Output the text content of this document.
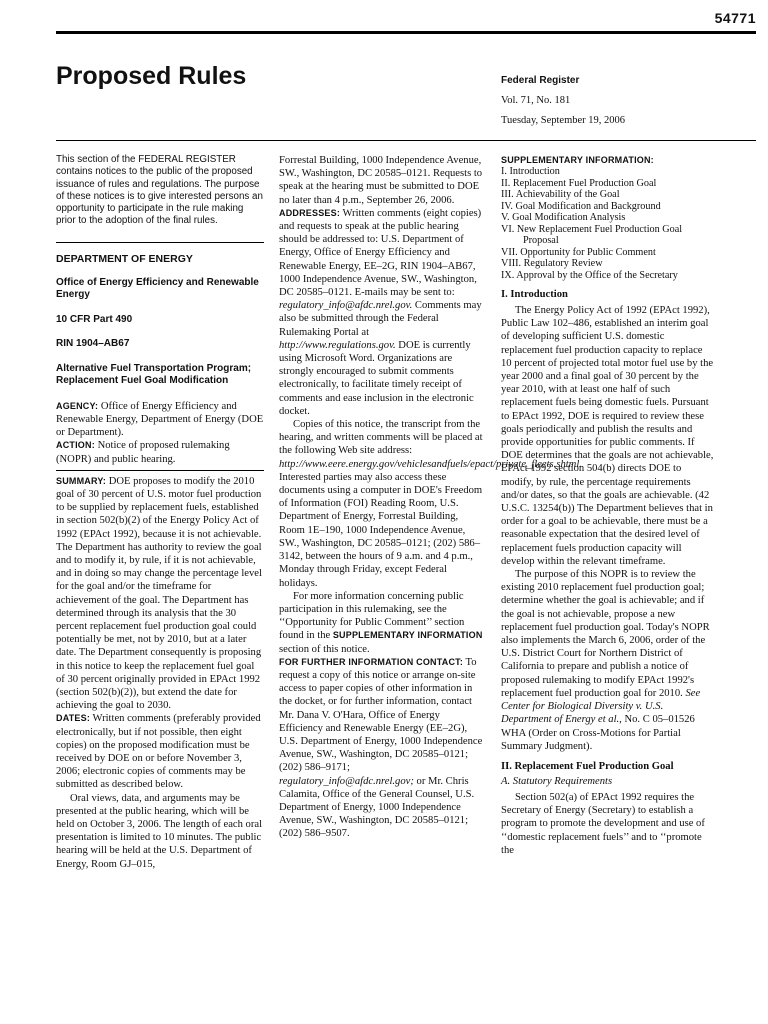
54771
Proposed Rules	Federal Register
Vol. 71, No. 181
Tuesday, September 19, 2006

This section of the FEDERAL REGISTER contains notices to the public of the proposed issuance of rules and regulations. The purpose of these notices is to give interested persons an opportunity to participate in the rule making prior to the adoption of the final rules.

DEPARTMENT OF ENERGY

Office of Energy Efficiency and Renewable Energy

10 CFR Part 490

RIN 1904–AB67

Alternative Fuel Transportation Program; Replacement Fuel Goal Modification

AGENCY: Office of Energy Efficiency and Renewable Energy, Department of Energy (DOE or Department).

ACTION: Notice of proposed rulemaking (NOPR) and public hearing.

SUMMARY: DOE proposes to modify the 2010 goal of 30 percent of U.S. motor fuel production to be supplied by replacement fuels, established in section 502(b)(2) of the Energy Policy Act of 1992 (EPAct 1992), because it is not achievable. The Department has authority to review the goal and to modify it, by rule, if it is not achievable, and in doing so may change the percentage level for the goal and/or the timeframe for achievement of the goal. The Department has determined through its analysis that the 30 percent replacement fuel production goal could potentially be met, not by 2010, but at a later date. The Department consequently is proposing in this notice to keep the replacement fuel goal of 30 percent originally provided in EPAct 1992 (section 502(b)(2)), but extend the date for achieving the goal to 2030.

DATES: Written comments (preferably provided electronically, but if not possible, then eight copies) on the proposed modification must be received by DOE on or before November 3, 2006; electronic copies of comments may be submitted as described below.

Oral views, data, and arguments may be presented at the public hearing, which will be held on October 3, 2006. The length of each oral presentation is limited to 10 minutes. The public hearing will be held at the U.S. Department of Energy, Room GJ–015,

Forrestal Building, 1000 Independence Avenue, SW., Washington, DC 20585–0121. Requests to speak at the hearing must be submitted to DOE no later than 4 p.m., September 26, 2006.

ADDRESSES: Written comments (eight copies) and requests to speak at the public hearing should be addressed to: U.S. Department of Energy, Office of Energy Efficiency and Renewable Energy, EE–2G, RIN 1904–AB67, 1000 Independence Avenue, SW., Washington, DC 20585–0121. E-mails may be sent to: regulatory_info@afdc.nrel.gov. Comments may also be submitted through the Federal Rulemaking Portal at http://www.regulations.gov. DOE is currently using Microsoft Word. Organizations are strongly encouraged to submit comments electronically, to facilitate timely receipt of comments and ease inclusion in the electronic docket.

Copies of this notice, the transcript from the hearing, and written comments will be placed at the following Web site address: http://www.eere.energy.gov/vehiclesandfuels/epact/private_fleets.shtml. Interested parties may also access these documents using a computer in DOE's Freedom of Information (FOI) Reading Room, U.S. Department of Energy, Forrestal Building, Room 1E–190, 1000 Independence Avenue, SW., Washington, DC 20585–0121; (202) 586–3142, between the hours of 9 a.m. and 4 p.m., Monday through Friday, except Federal holidays.

For more information concerning public participation in this rulemaking, see the ‘‘Opportunity for Public Comment’’ section found in the SUPPLEMENTARY INFORMATION section of this notice.

FOR FURTHER INFORMATION CONTACT: To request a copy of this notice or arrange on-site access to paper copies of other information in the docket, or for further information, contact Mr. Dana V. O'Hara, Office of Energy Efficiency and Renewable Energy (EE–2G), U.S. Department of Energy, 1000 Independence Avenue, SW., Washington, DC 20585–0121; (202) 586–9171; regulatory_info@afdc.nrel.gov; or Mr. Chris Calamita, Office of the General Counsel, U.S. Department of Energy, 1000 Independence Avenue, SW., Washington, DC 20585–0121; (202) 586–9507.

SUPPLEMENTARY INFORMATION:

I. Introduction

II. Replacement Fuel Production Goal

III. Achievability of the Goal

IV. Goal Modification and Background

V. Goal Modification Analysis

VI. New Replacement Fuel Production Goal

Proposal

VII. Opportunity for Public Comment

VIII. Regulatory Review

IX. Approval by the Office of the Secretary

I. Introduction

The Energy Policy Act of 1992 (EPAct 1992), Public Law 102–486, established an interim goal of developing sufficient U.S. domestic replacement fuel production capacity to replace 10 percent of projected total motor fuel use by the year 2000 and a final goal of 30 percent by the year 2010, with at least one half of such replacement fuels being domestic fuels. Pursuant to EPAct 1992, DOE is required to review these goals periodically and publish the results and provide opportunities for public comments. If DOE determines that the goals are not achievable, EPAct 1992 section 504(b) directs DOE to modify, by rule, the percentage requirements and/or dates, so that the goals are achievable. (42 U.S.C. 13254(b)) The Department believes that in order for a goal to be achievable, there must be a reasonable expectation that the desired level of replacement fuels production capacity will develop within the relevant timeframe.

The purpose of this NOPR is to review the existing 2010 replacement fuel production goal; determine whether the goal is achievable; and if the goal is not achievable, propose a new replacement fuel production goal. Today's NOPR also implements the March 6, 2006, order of the U.S. District Court for Northern District of California to prepare and publish a notice of proposed rulemaking to modify EPAct 1992's replacement fuel production goal for 2010. See Center for Biological Diversity v. U.S. Department of Energy et al., No. C 05–01526 WHA (Order on Cross-Motions for Partial Summary Judgment).

II. Replacement Fuel Production Goal

A. Statutory Requirements

Section 502(a) of EPAct 1992 requires the Secretary of Energy (Secretary) to establish a program to promote the development and use of ‘‘domestic replacement fuels’’ and to ‘‘promote the
